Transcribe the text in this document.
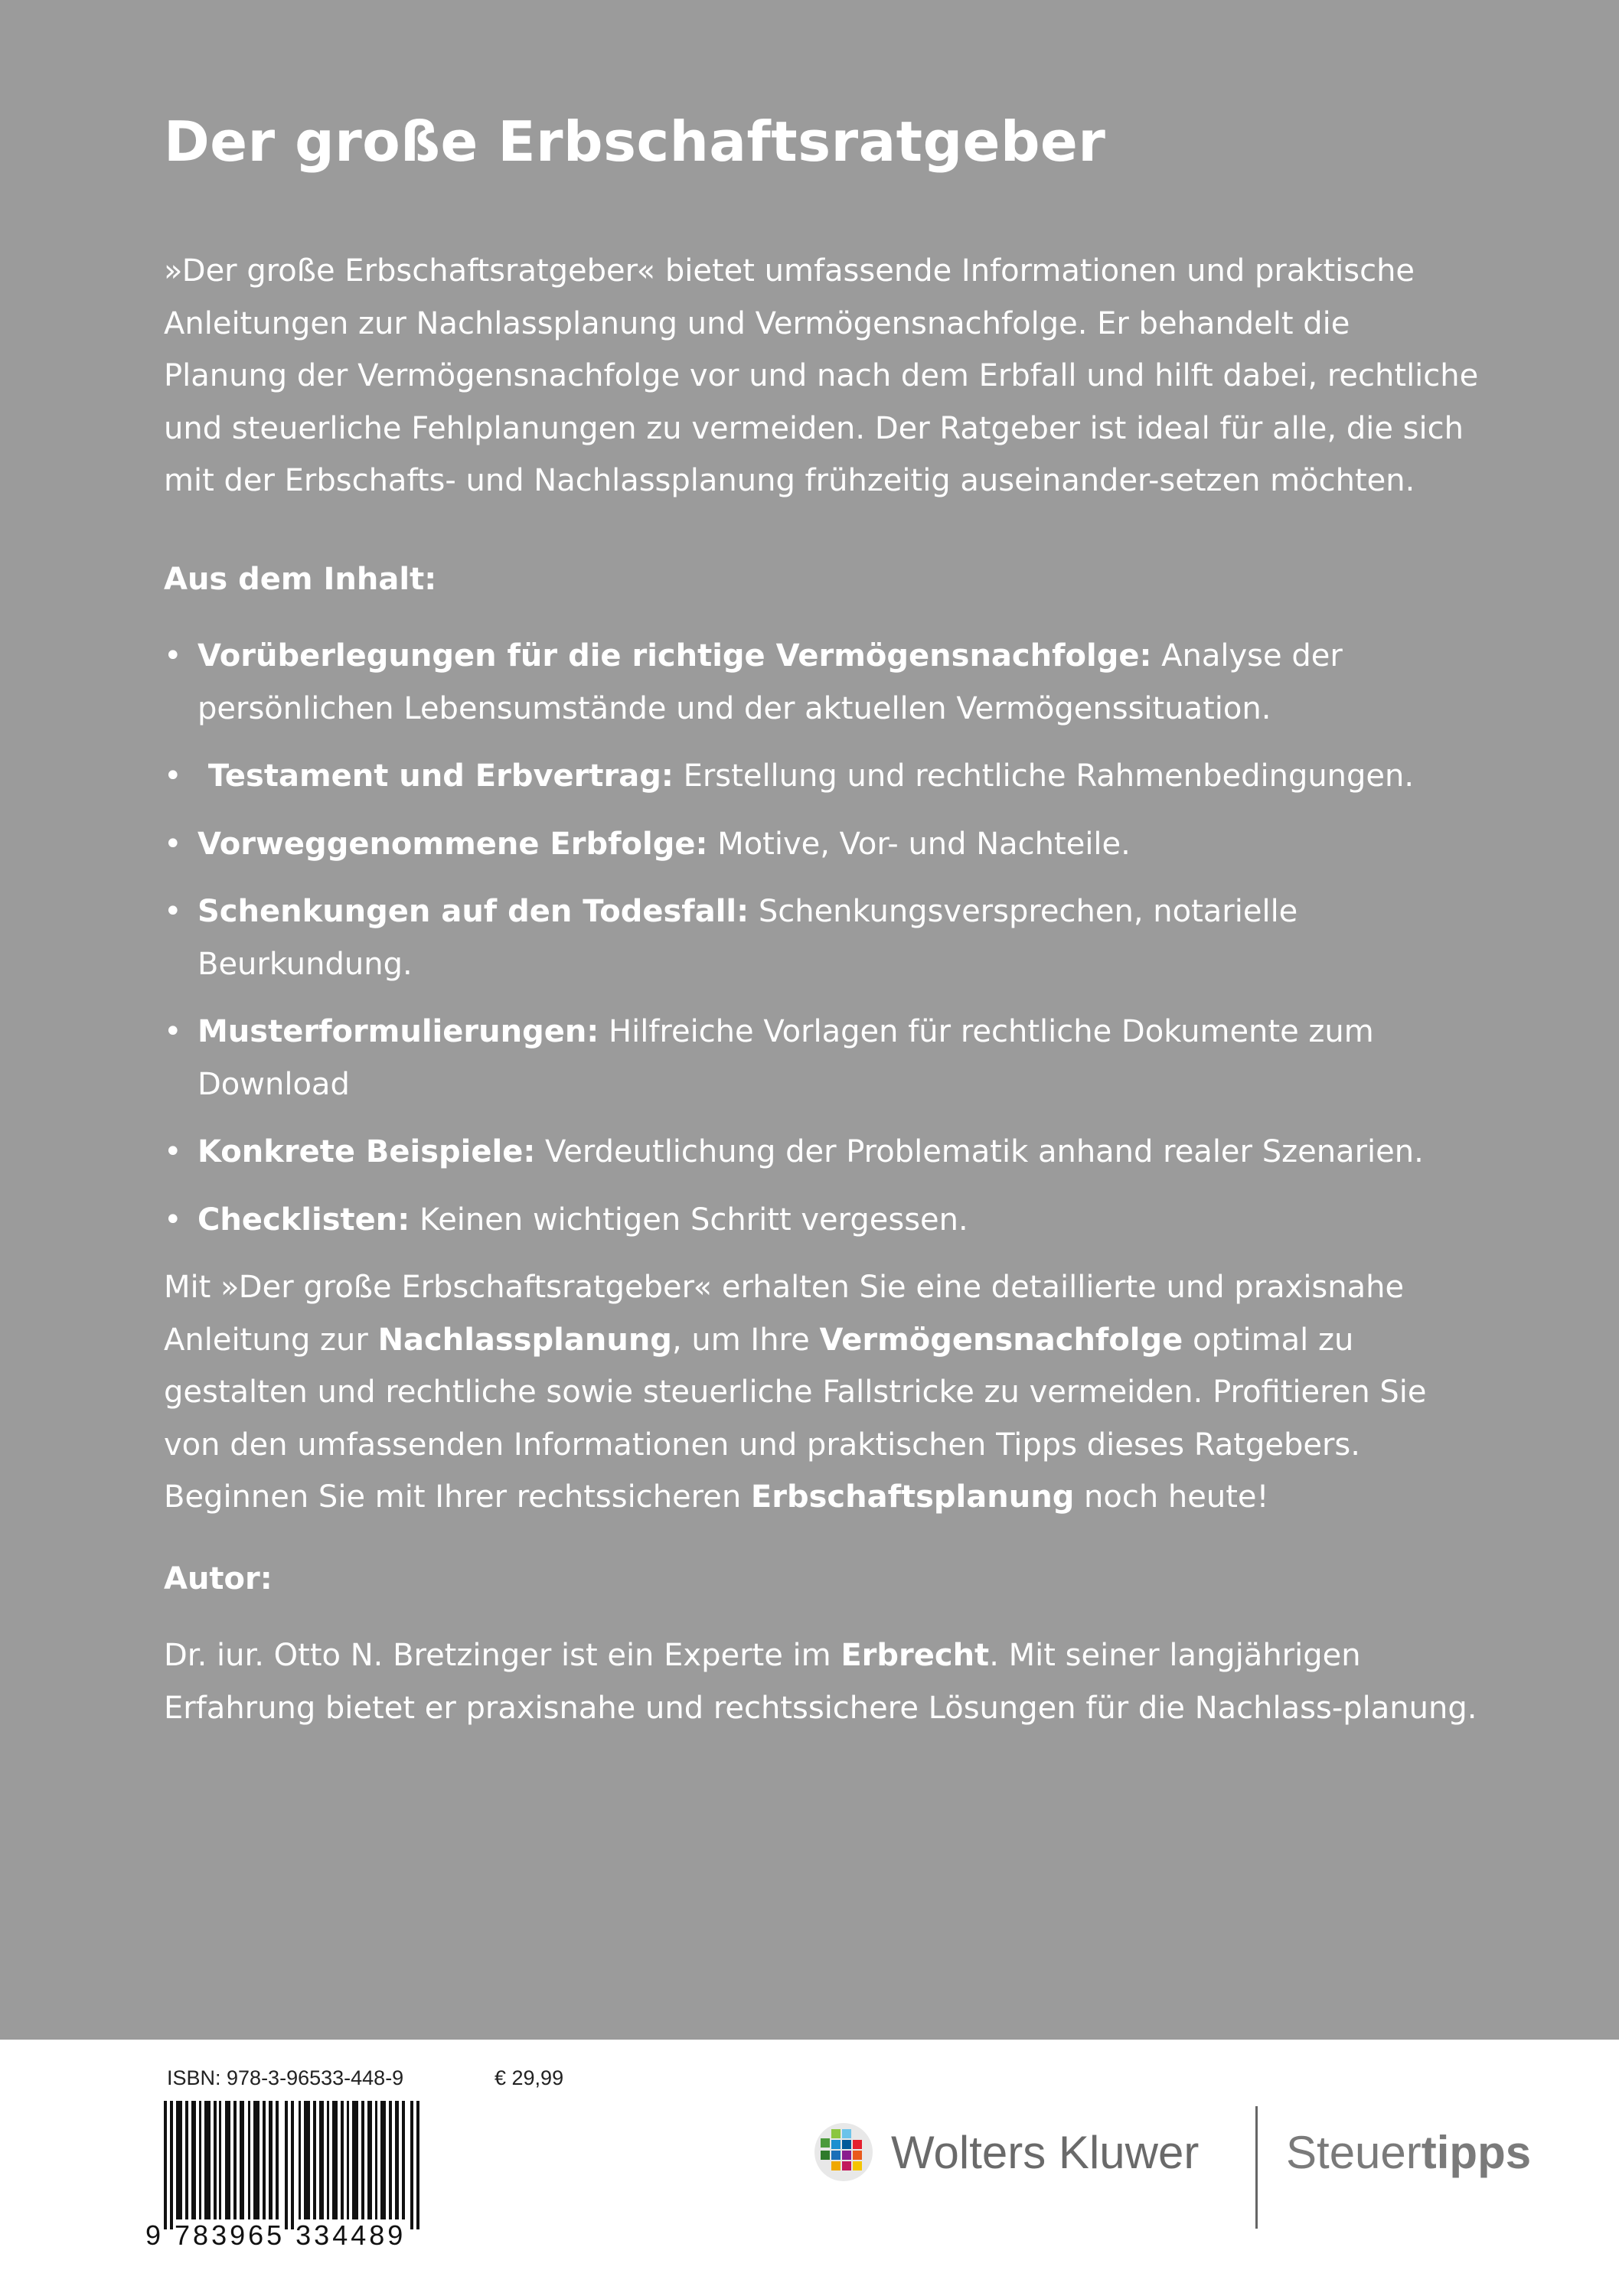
Der große Erbschaftsratgeber

»Der große Erbschaftsratgeber« bietet umfassende Informationen und praktische Anleitungen zur Nachlassplanung und Vermögensnachfolge. Er behandelt die Planung der Vermögensnachfolge vor und nach dem Erbfall und hilft dabei, rechtliche und steuerliche Fehlplanungen zu vermeiden. Der Ratgeber ist ideal für alle, die sich mit der Erbschafts- und Nachlassplanung frühzeitig auseinander-setzen möchten.

Aus dem Inhalt:
• Vorüberlegungen für die richtige Vermögensnachfolge: Analyse der persönlichen Lebensumstände und der aktuellen Vermögenssituation.
• Testament und Erbvertrag: Erstellung und rechtliche Rahmenbedingungen.
• Vorweggenommene Erbfolge: Motive, Vor- und Nachteile.
• Schenkungen auf den Todesfall: Schenkungsversprechen, notarielle Beurkundung.
• Musterformulierungen: Hilfreiche Vorlagen für rechtliche Dokumente zum Download
• Konkrete Beispiele: Verdeutlichung der Problematik anhand realer Szenarien.
• Checklisten: Keinen wichtigen Schritt vergessen.

Mit »Der große Erbschaftsratgeber« erhalten Sie eine detaillierte und praxisnahe Anleitung zur Nachlassplanung, um Ihre Vermögensnachfolge optimal zu gestalten und rechtliche sowie steuerliche Fallstricke zu vermeiden. Profitieren Sie von den umfassenden Informationen und praktischen Tipps dieses Ratgebers. Beginnen Sie mit Ihrer rechtssicheren Erbschaftsplanung noch heute!

Autor:

Dr. iur. Otto N. Bretzinger ist ein Experte im Erbrecht. Mit seiner langjährigen Erfahrung bietet er praxisnahe und rechtssichere Lösungen für die Nachlass-planung.

ISBN: 978-3-96533-448-9	€ 29,99
9 783965 334489
Wolters Kluwer Steuertipps
